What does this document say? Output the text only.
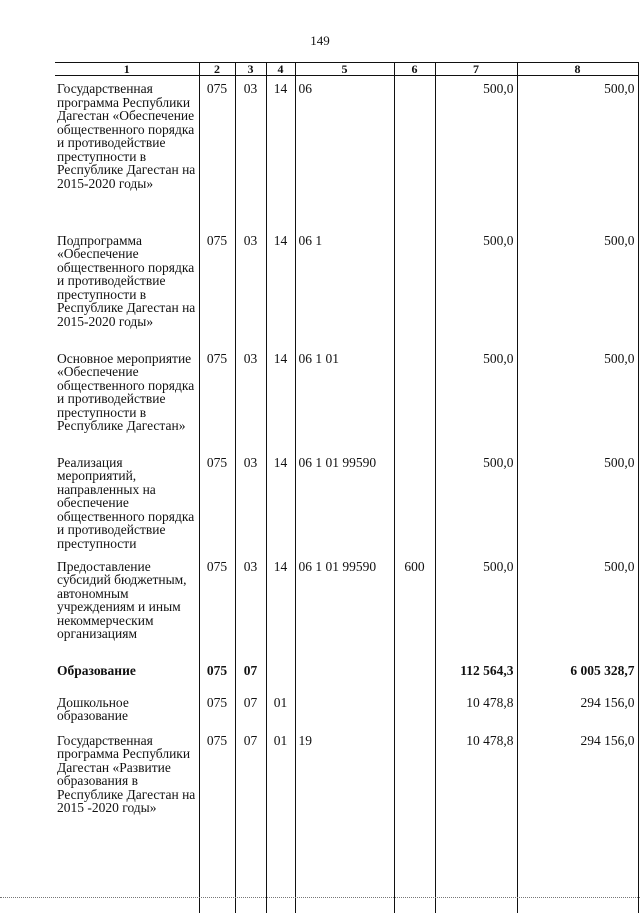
149
1	2	3	4	5	6	7	8

Государственная программа Республики Дагестан «Обеспечение общественного порядка и противодействие преступности в Республике Дагестан на 2015-2020 годы»	075	03	14	06		500,0	500,0

Подпрограмма «Обеспечение общественного порядка и противодействие преступности в Республике Дагестан на 2015-2020 годы»	075	03	14	06 1		500,0	500,0

Основное мероприятие «Обеспечение общественного порядка и противодействие преступности в Республике Дагестан»	075	03	14	06 1 01		500,0	500,0

Реализация мероприятий, направленных на обеспечение общественного порядка и противодействие преступности	075	03	14	06 1 01 99590		500,0	500,0

Предоставление субсидий бюджетным, автономным учреждениям и иным некоммерческим организациям	075	03	14	06 1 01 99590	600	500,0	500,0

Образование	075	07				112 564,3	6 005 328,7

Дошкольное образование	075	07	01			10 478,8	294 156,0

Государственная программа Республики Дагестан «Развитие образования в Республике Дагестан на 2015 -2020 годы»	075	07	01	19		10 478,8	294 156,0
